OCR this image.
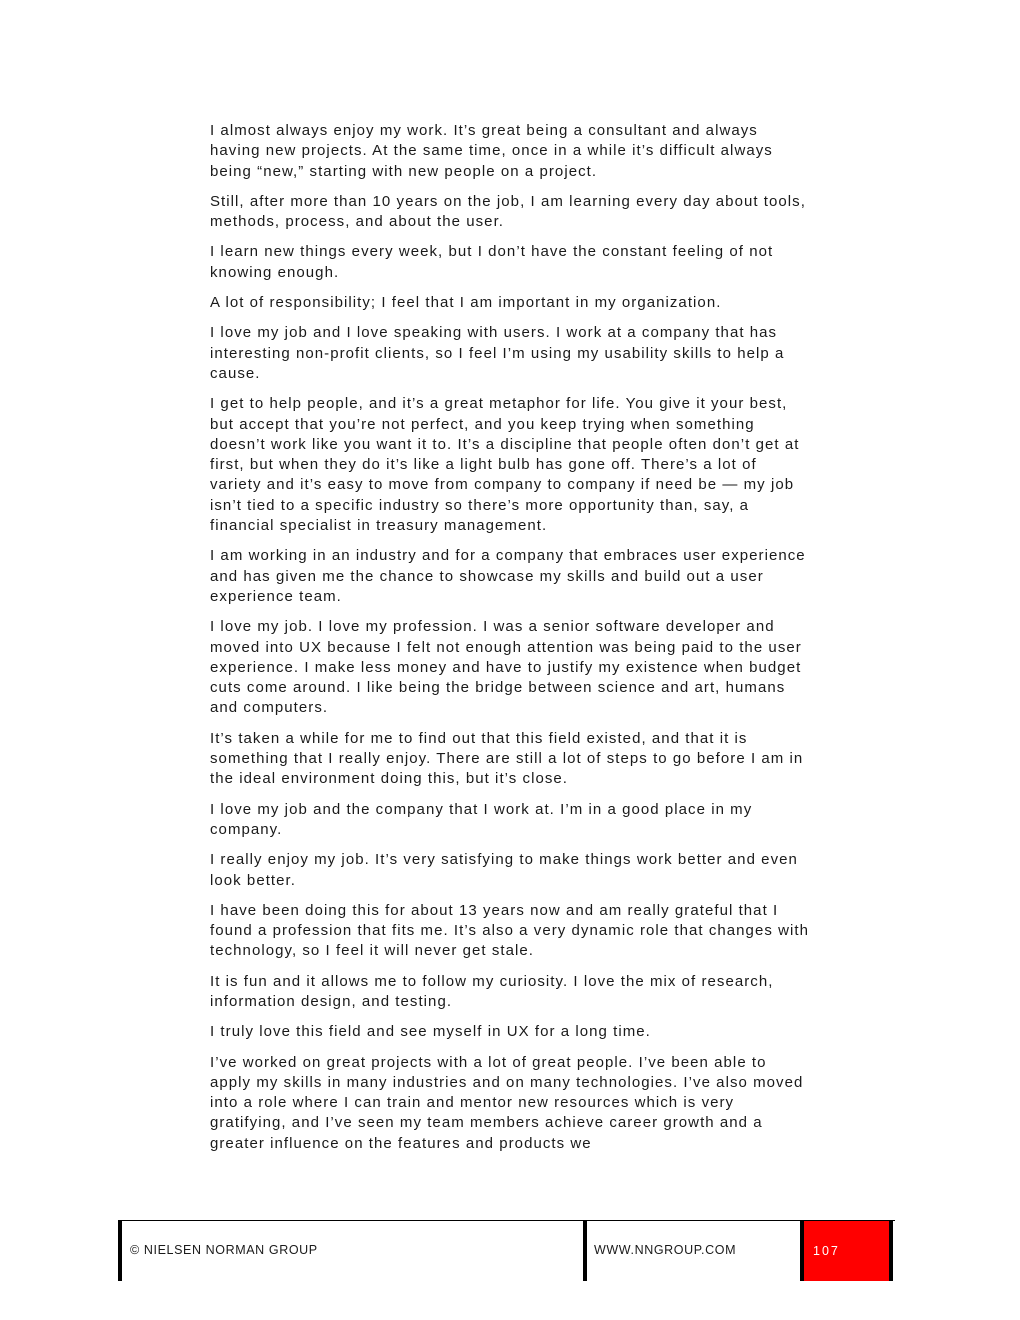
I almost always enjoy my work. It’s great being a consultant and always having new projects. At the same time, once in a while it’s difficult always being “new,” starting with new people on a project.

Still, after more than 10 years on the job, I am learning every day about tools, methods, process, and about the user.

I learn new things every week, but I don’t have the constant feeling of not knowing enough.

A lot of responsibility; I feel that I am important in my organization.

I love my job and I love speaking with users. I work at a company that has interesting non-profit clients, so I feel I’m using my usability skills to help a cause.

I get to help people, and it’s a great metaphor for life. You give it your best, but accept that you’re not perfect, and you keep trying when something doesn’t work like you want it to. It’s a discipline that people often don’t get at first, but when they do it’s like a light bulb has gone off. There’s a lot of variety and it’s easy to move from company to company if need be — my job isn’t tied to a specific industry so there’s more opportunity than, say, a financial specialist in treasury management.

I am working in an industry and for a company that embraces user experience and has given me the chance to showcase my skills and build out a user experience team.

I love my job. I love my profession. I was a senior software developer and moved into UX because I felt not enough attention was being paid to the user experience. I make less money and have to justify my existence when budget cuts come around. I like being the bridge between science and art, humans and computers.

It’s taken a while for me to find out that this field existed, and that it is something that I really enjoy. There are still a lot of steps to go before I am in the ideal environment doing this, but it’s close.

I love my job and the company that I work at. I’m in a good place in my company.

I really enjoy my job. It’s very satisfying to make things work better and even look better.

I have been doing this for about 13 years now and am really grateful that I found a profession that fits me. It’s also a very dynamic role that changes with technology, so I feel it will never get stale.

It is fun and it allows me to follow my curiosity. I love the mix of research, information design, and testing.

I truly love this field and see myself in UX for a long time.

I’ve worked on great projects with a lot of great people. I’ve been able to apply my skills in many industries and on many technologies. I’ve also moved into a role where I can train and mentor new resources which is very gratifying, and I’ve seen my team members achieve career growth and a greater influence on the features and products we

© NIELSEN NORMAN GROUP	WWW.NNGROUP.COM	107
